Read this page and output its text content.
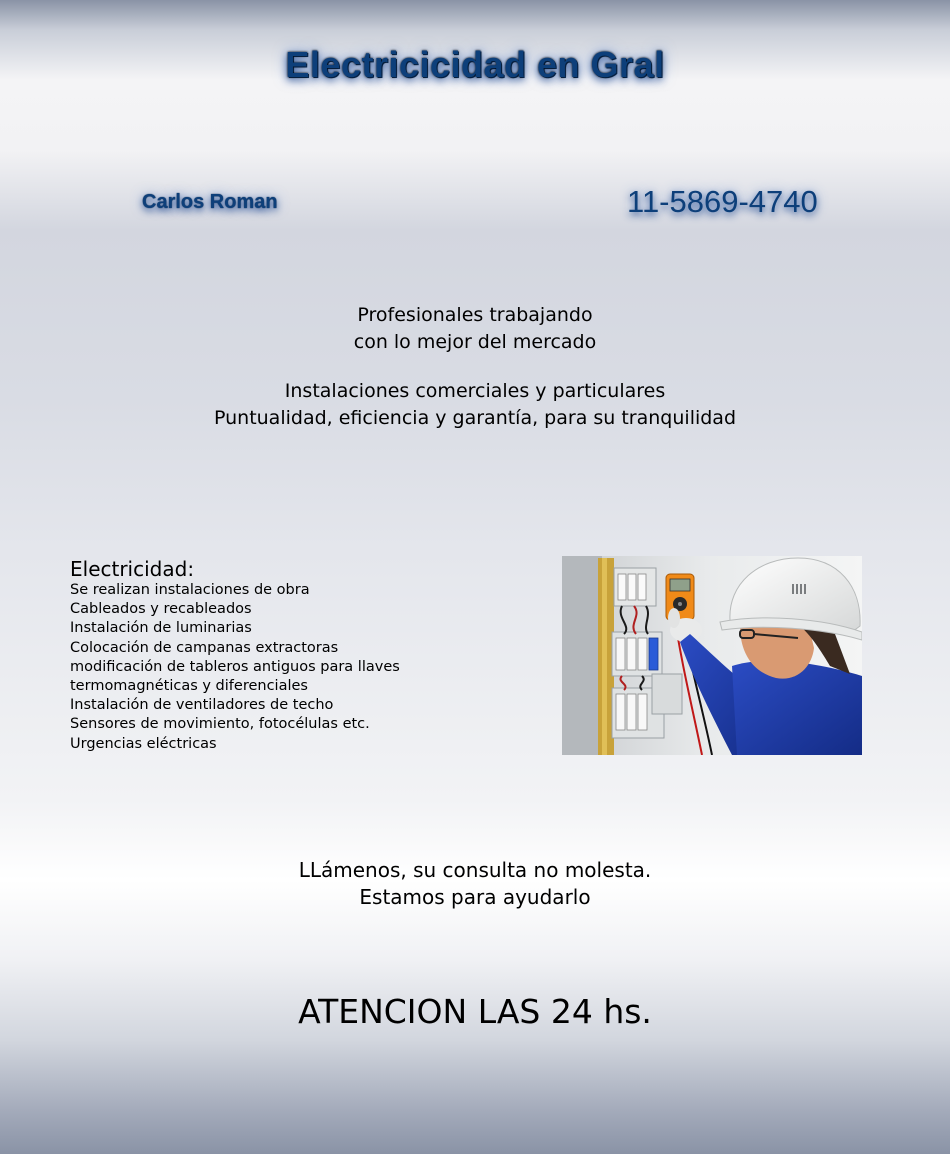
Electricicidad en Gral
Carlos Roman	11-5869-4740
Profesionales trabajando
con lo mejor del mercado
Instalaciones comerciales y particulares
Puntualidad, eficiencia y garantía, para su tranquilidad
Electricidad:
Se realizan instalaciones de obra
Cableados y recableados
Instalación de luminarias
Colocación de campanas extractoras
modificación de tableros antiguos para llaves
termomagnéticas y diferenciales
Instalación de ventiladores de techo
Sensores de movimiento, fotocélulas etc.
Urgencias eléctricas
LLámenos, su consulta no molesta.
Estamos para ayudarlo
ATENCION LAS 24 hs.
